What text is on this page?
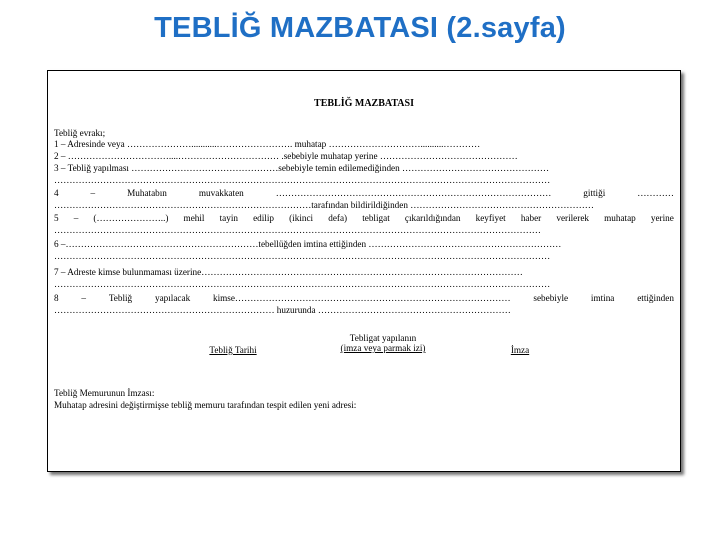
TEBLİĞ MAZBATASI (2.sayfa)
TEBLİĞ MAZBATASI
Tebliğ evrakı;
1 – Adresinde veya …………………...........……………………. muhatap …………………………..........…………
2 – ……………………………....…………………………… .sebebiyle muhatap yerine ………………………………………
3 – Tebliğ yapılması …………………………………………sebebiyle temin edilemediğinden …………………………………………
………………………………………………………………………………………………………………………………………………
4	–	Muhatabın	muvakkaten	………………………………………………………………………………	gittiği	…………
…………………………………………………………………………tarafından bildirildiğinden ……………………………………………………
5 – (…………………..) mehil tayin edilip (ikinci defa) tebligat çıkarıldığından keyfiyet haber verilerek muhatap yerine
……………………………………………………………………………………………………………………………………………
6 –………………………………………………………tebellüğden imtina ettiğinden ………………………………………………………
………………………………………………………………………………………………………………………………………………
7 – Adreste kimse bulunmaması üzerine……………………………………………………………………………………………
………………………………………………………………………………………………………………………………………………
8 – Tebliğ yapılacak kimse……………………………………………………………………………… sebebiyle imtina ettiğinden
……………………………………………………………… huzurunda ………………………………………………………
Tebliğ Tarihi
Tebligat yapılanın
(imza veya parmak izi)	İmza
Tebliğ Memurunun İmzası:
Muhatap adresini değiştirmişse tebliğ memuru tarafından tespit edilen yeni adresi:
